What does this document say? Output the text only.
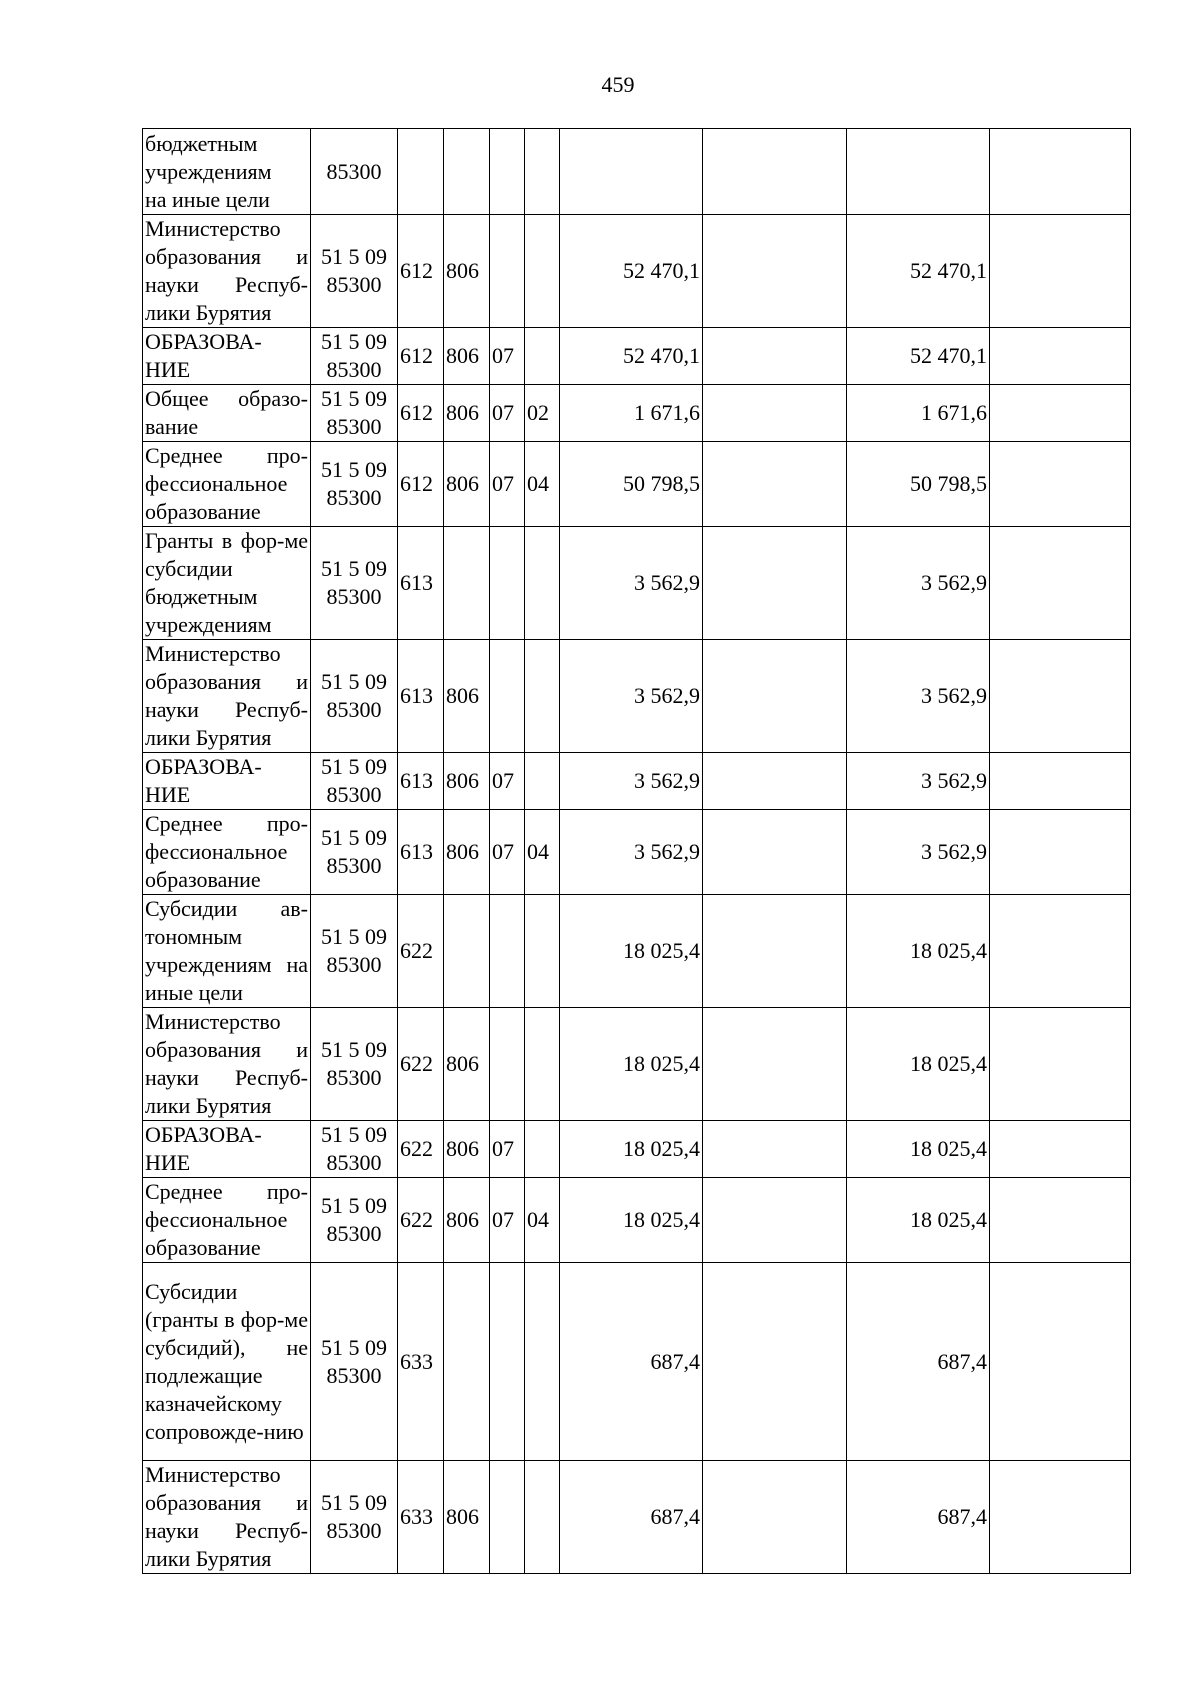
459
бюджетным
учреждениям
на иные цели	85300								

Министерство образования и науки Респуб-лики Бурятия	51 5 09
85300	612	806			52 470,1		52 470,1	

ОБРАЗОВА-
НИЕ	51 5 09
85300	612	806	07		52 470,1		52 470,1	

Общее образо-вание	51 5 09
85300	612	806	07	02	1 671,6		1 671,6	

Среднее про-фессиональное образование	51 5 09
85300	612	806	07	04	50 798,5		50 798,5	

Гранты в фор-ме субсидии бюджетным учреждениям	51 5 09
85300	613				3 562,9		3 562,9	

Министерство образования и науки Респуб-лики Бурятия	51 5 09
85300	613	806			3 562,9		3 562,9	

ОБРАЗОВА-
НИЕ	51 5 09
85300	613	806	07		3 562,9		3 562,9	

Среднее про-фессиональное образование	51 5 09
85300	613	806	07	04	3 562,9		3 562,9	

Субсидии ав-тономным учреждениям на иные цели	51 5 09
85300	622				18 025,4		18 025,4	

Министерство образования и науки Респуб-лики Бурятия	51 5 09
85300	622	806			18 025,4		18 025,4	

ОБРАЗОВА-
НИЕ	51 5 09
85300	622	806	07		18 025,4		18 025,4	

Среднее про-фессиональное образование	51 5 09
85300	622	806	07	04	18 025,4		18 025,4	

Субсидии (гранты в фор-ме субсидий), не подлежащие казначейскому сопровожде-нию	51 5 09
85300	633				687,4		687,4	

Министерство образования и науки Респуб-лики Бурятия	51 5 09
85300	633	806			687,4		687,4	
